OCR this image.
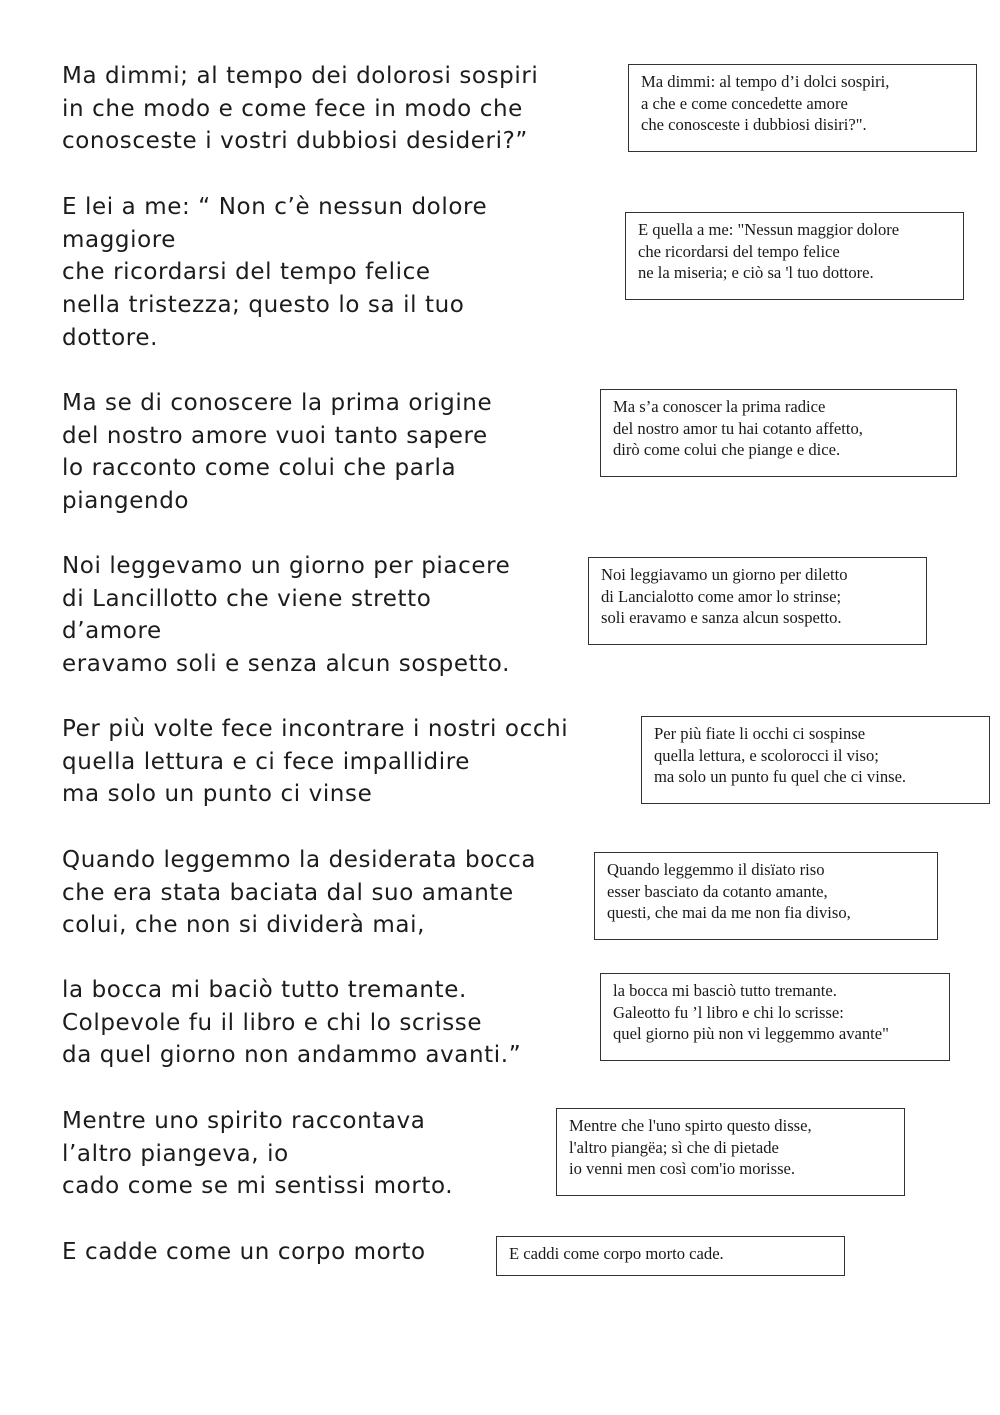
Ma dimmi; al tempo dei dolorosi sospiri
in che modo e come fece in modo che
conosceste i vostri dubbiosi desideri?”
Ma dimmi: al tempo d’i dolci sospiri,
a che e come concedette amore
che conosceste i dubbiosi disiri?".
E lei a me: “ Non c’è nessun dolore
maggiore
che ricordarsi del tempo felice
nella tristezza; questo lo sa il tuo
dottore.
E quella a me: "Nessun maggior dolore
che ricordarsi del tempo felice
ne la miseria; e ciò sa 'l tuo dottore.
Ma se di conoscere la prima origine
del nostro amore vuoi tanto sapere
lo racconto come colui che parla
piangendo
Ma s’a conoscer la prima radice
del nostro amor tu hai cotanto affetto,
dirò come colui che piange e dice.
Noi leggevamo un giorno per piacere
di Lancillotto che viene stretto
d’amore
eravamo soli e senza alcun sospetto.
Noi leggiavamo un giorno per diletto
di Lancialotto come amor lo strinse;
soli eravamo e sanza alcun sospetto.
Per più volte fece incontrare i nostri occhi
quella lettura e ci fece impallidire
ma solo un punto ci vinse
Per più fiate li occhi ci sospinse
quella lettura, e scolorocci il viso;
ma solo un punto fu quel che ci vinse.
Quando leggemmo la desiderata bocca
che era stata baciata dal suo amante
colui, che non si dividerà mai,
Quando leggemmo il disïato riso
esser basciato da cotanto amante,
questi, che mai da me non fia diviso,
la bocca mi baciò tutto tremante.
Colpevole fu il libro e chi lo scrisse
da quel giorno non andammo avanti.”
la bocca mi basciò tutto tremante.
Galeotto fu ’l libro e chi lo scrisse:
quel giorno più non vi leggemmo avante"
Mentre uno spirito raccontava
l’altro piangeva, io
cado come se mi sentissi morto.
Mentre che l'uno spirto questo disse,
l'altro piangëa; sì che di pietade
io venni men così com'io morisse.
E cadde come un corpo morto	E caddi come corpo morto cade.
